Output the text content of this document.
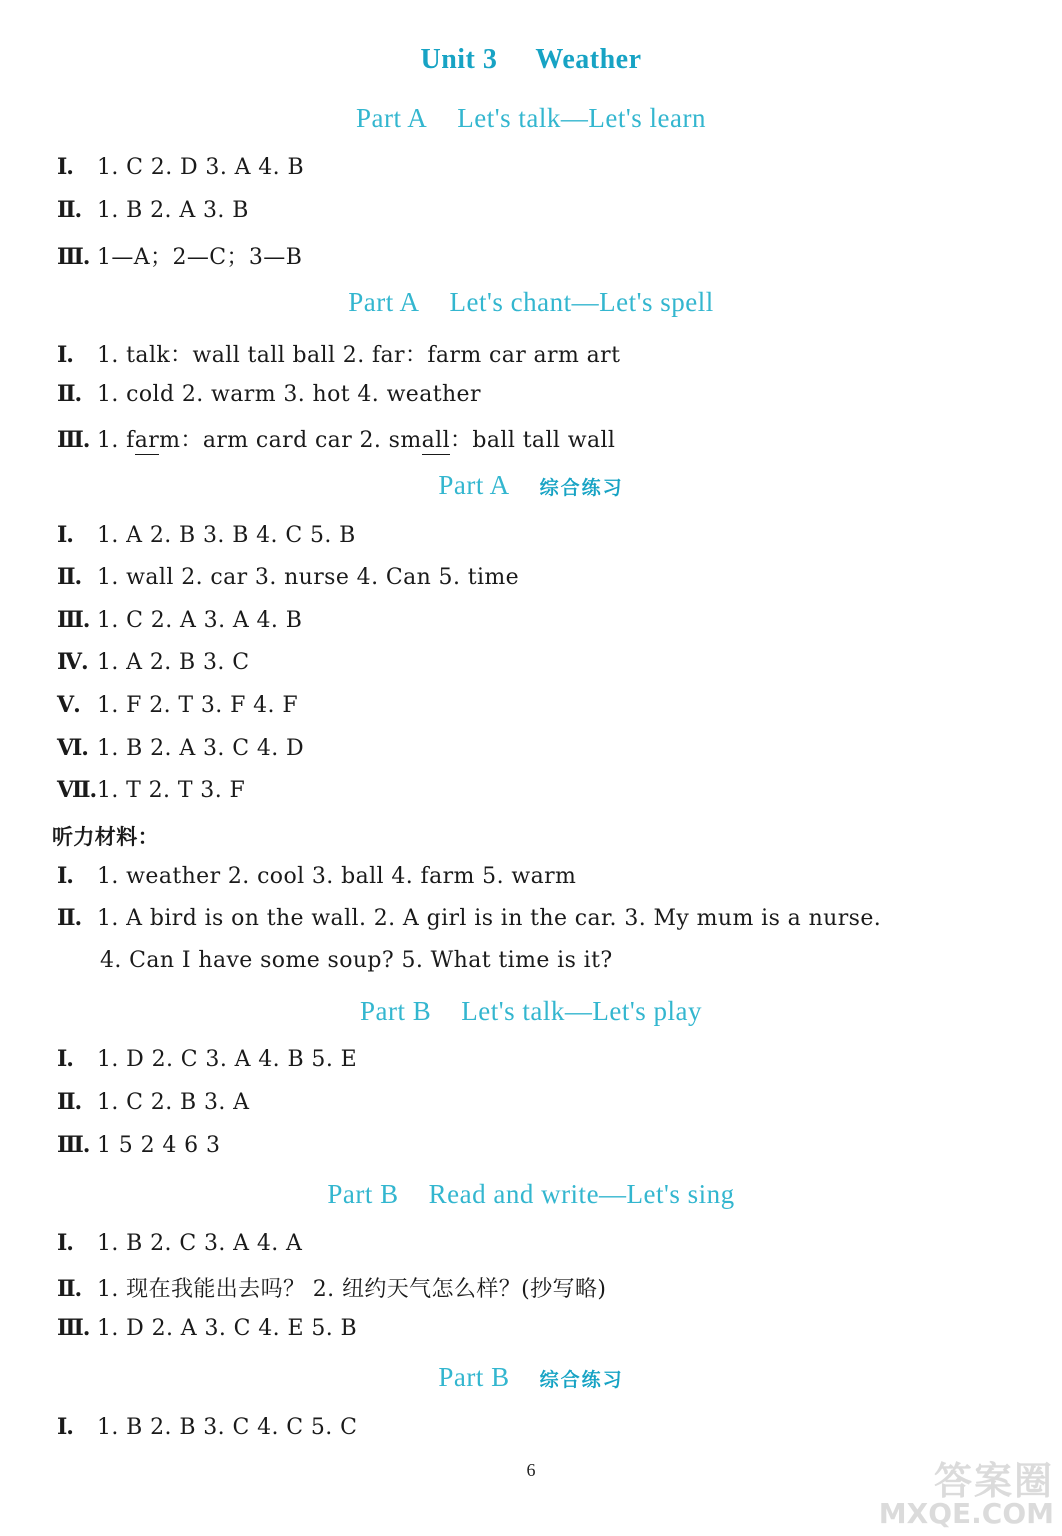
Unit 3 Weather
Part A Let's talk—Let's learn
Ⅰ. 1. C 2. D 3. A 4. B
Ⅱ. 1. B 2. A 3. B
Ⅲ. 1—A；2—C；3—B
Part A Let's chant—Let's spell
Ⅰ. 1. talk：wall tall ball 2. far：farm car arm art
Ⅱ. 1. cold 2. warm 3. hot 4. weather
Ⅲ. 1. farm：arm card car 2. small：ball tall wall
Part A 综合练习
Ⅰ. 1. A 2. B 3. B 4. C 5. B
Ⅱ. 1. wall 2. car 3. nurse 4. Can 5. time
Ⅲ. 1. C 2. A 3. A 4. B
Ⅳ. 1. A 2. B 3. C
Ⅴ. 1. F 2. T 3. F 4. F
Ⅵ. 1. B 2. A 3. C 4. D
Ⅶ.1. T 2. T 3. F
听力材料：
Ⅰ. 1. weather 2. cool 3. ball 4. farm 5. warm
Ⅱ. 1. A bird is on the wall. 2. A girl is in the car. 3. My mum is a nurse.
4. Can I have some soup? 5. What time is it?
Part B Let's talk—Let's play
Ⅰ. 1. D 2. C 3. A 4. B 5. E
Ⅱ. 1. C 2. B 3. A
Ⅲ. 1 5 2 4 6 3
Part B Read and write—Let's sing
Ⅰ. 1. B 2. C 3. A 4. A
Ⅱ. 1. 现在我能出去吗？ 2. 纽约天气怎么样？(抄写略)
Ⅲ. 1. D 2. A 3. C 4. E 5. B
Part B 综合练习
Ⅰ. 1. B 2. B 3. C 4. C 5. C
6	答案圈
MXQE.COM
